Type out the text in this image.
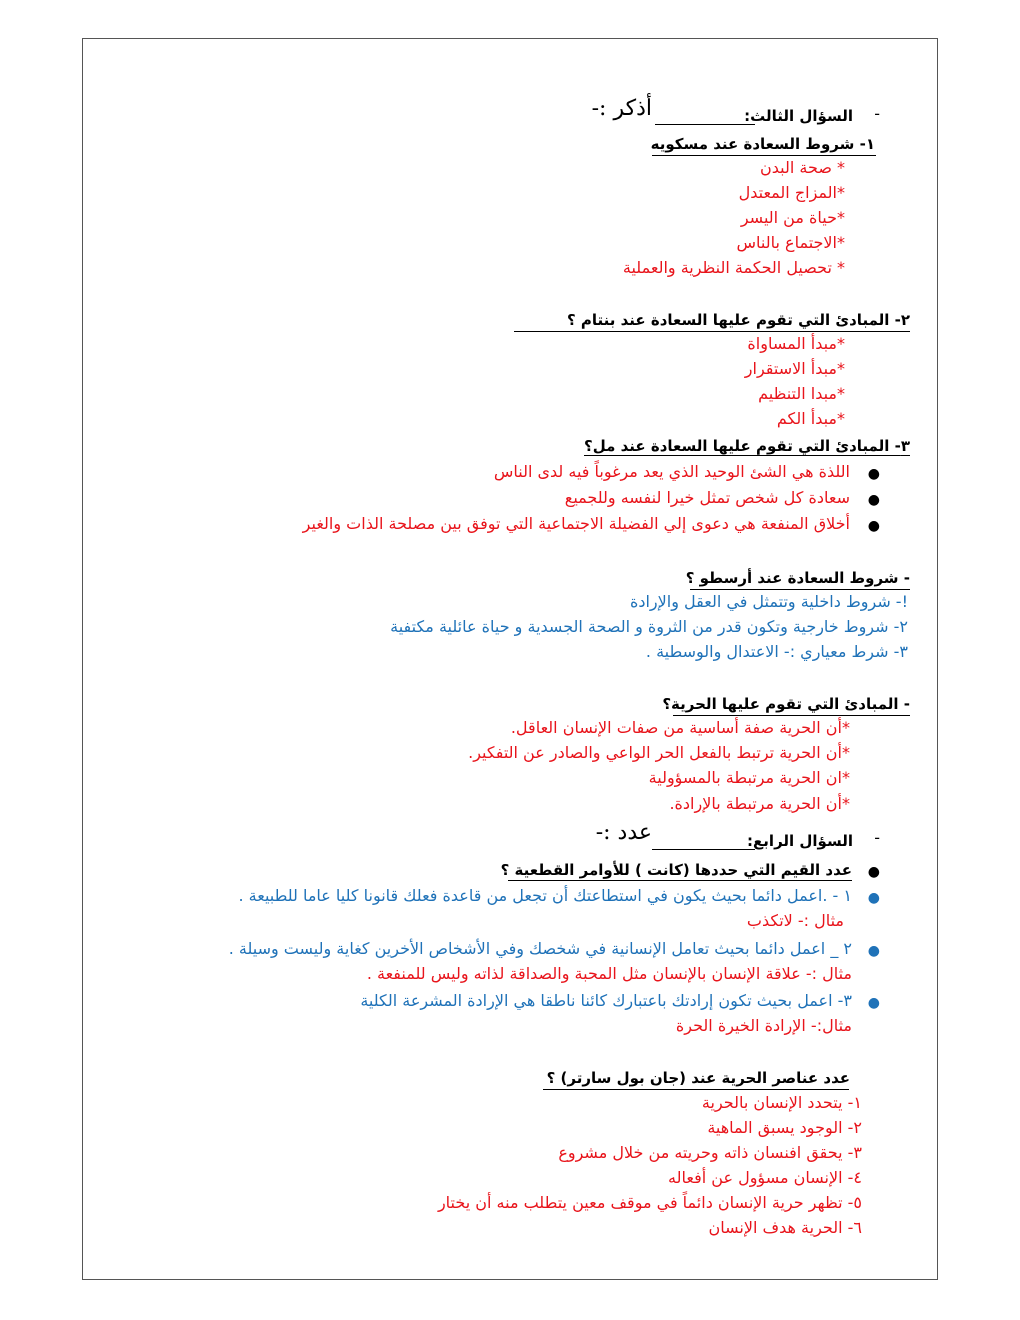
-
السؤال الثالث:
أذكر :-
١- شروط السعادة عند مسكويه
* صحة البدن
*المزاج المعتدل
*حياة من اليسر
*الاجتماع بالناس
* تحصيل الحكمة النظرية والعملية
٢- المبادئ التي تقوم عليها السعادة عند بنتام ؟
*مبدأ المساواة
*مبدأ الاستقرار
*مبدا التنظيم
*مبدأ الكم
٣- المبادئ التي تقوم عليها السعادة عند مل؟
●
اللذة هي الشئ الوحيد الذي يعد مرغوباً فيه لدى الناس
●
سعادة كل شخص تمثل خيرا لنفسه وللجميع
●
أخلاق المنفعة هي دعوى إلي الفضيلة الاجتماعية التي توفق بين مصلحة الذات والغير
- شروط السعادة عند أرسطو ؟
!- شروط داخلية وتتمثل في العقل والإرادة
٢- شروط خارجية وتكون قدر من الثروة و الصحة الجسدية و حياة عائلية مكتفية
٣- شرط معياري :- الاعتدال والوسطية .
- المبادئ التي تقوم عليها الحرية؟
*أن الحرية صفة أساسية من صفات الإنسان العاقل.
*أن الحرية ترتبط بالفعل الحر الواعي والصادر عن التفكير.
*ان الحرية مرتبطة بالمسؤولية
*أن الحرية مرتبطة بالإرادة.
-
السؤال الرابع:
عدد :-
●
عدد القيم التي حددها (كانت ) للأوامر القطعية ؟
●
١ - .اعمل دائما بحيث يكون في استطاعتك أن تجعل من قاعدة فعلك قانونا كليا عاما للطبيعة .
مثال :- لاتكذب
●
٢ _ اعمل دائما بحيث تعامل الإنسانية في شخصك وفي الأشخاص الأخرين كغاية وليست وسيلة .
مثال :- علاقة الإنسان بالإنسان مثل المحبة والصداقة لذاته وليس للمنفعة .
●
٣- اعمل بحيث تكون إرادتك باعتبارك كائنا ناطقا هي الإرادة المشرعة الكلية
مثال:- الإرادة الخيرة الحرة
عدد عناصر الحرية عند (جان بول سارتر) ؟
١- يتحدد الإنسان بالحرية
٢- الوجود يسبق الماهية
٣- يحقق افنسان ذاته وحريته من خلال مشروع
٤- الإنسان مسؤول عن أفعاله
٥- تظهر حرية الإنسان دائماً في موقف معين يتطلب منه أن يختار
٦- الحرية هدف الإنسان
